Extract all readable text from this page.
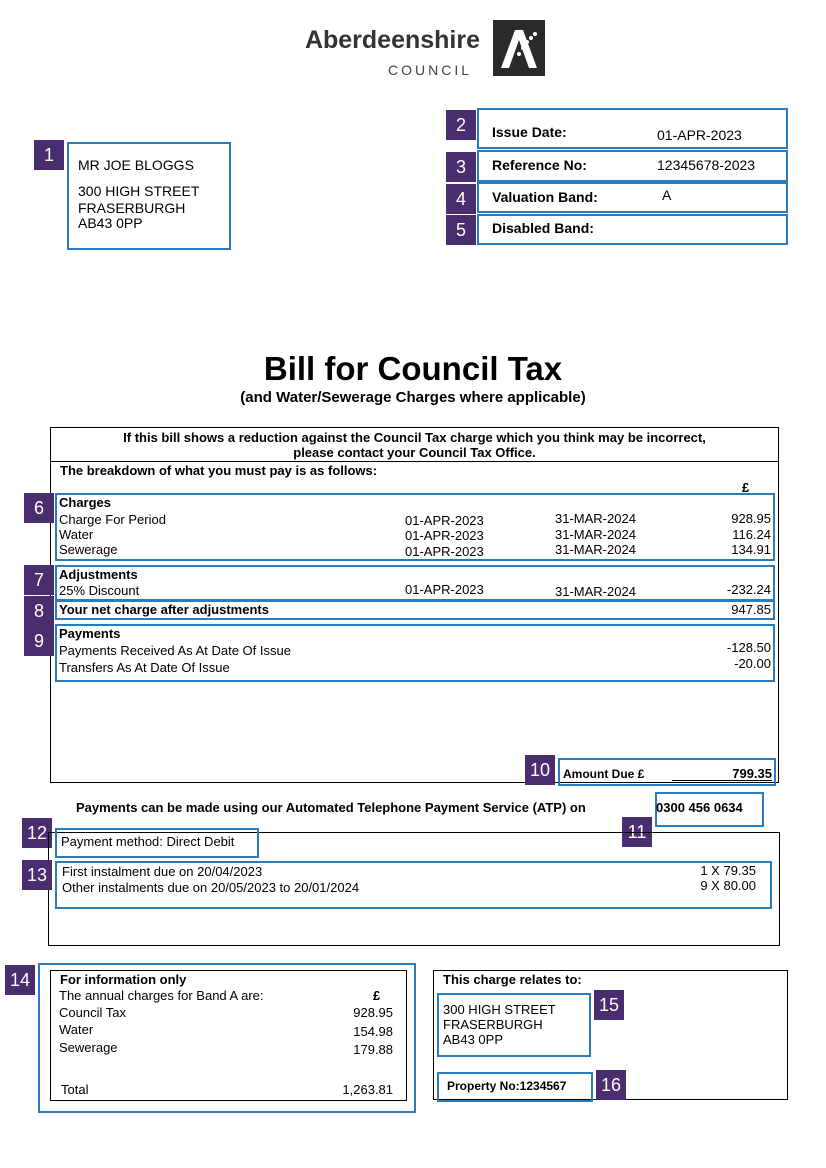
Aberdeenshire
COUNCIL
1	MR JOE BLOGGS
300 HIGH STREET
FRASERBURGH
AB43 0PP
2	Issue Date:	01-APR-2023
3	Reference No:	12345678-2023
4	Valuation Band:	A
5	Disabled Band:
Bill for Council Tax
(and Water/Sewerage Charges where applicable)
If this bill shows a reduction against the Council Tax charge which you think may be incorrect,
please contact your Council Tax Office.
The breakdown of what you must pay is as follows:
£
6	Charges
Charge For Period	01-APR-2023	31-MAR-2024	928.95
Water	01-APR-2023	31-MAR-2024	116.24
Sewerage	01-APR-2023	31-MAR-2024	134.91
7	Adjustments
25% Discount	01-APR-2023	31-MAR-2024	-232.24
8	Your net charge after adjustments	947.85
9	Payments
Payments Received As At Date Of Issue	-128.50
Transfers As At Date Of Issue	-20.00
10	Amount Due £	799.35
Payments can be made using our Automated Telephone Payment Service (ATP) on	0300 456 0634
11
12	Payment method: Direct Debit
13	First instalment due on 20/04/2023	1 X 79.35
Other instalments due on 20/05/2023 to 20/01/2024	9 X 80.00
14	For information only
The annual charges for Band A are:	£
Council Tax	928.95
Water	154.98
Sewerage	179.88
Total	1,263.81
This charge relates to:
300 HIGH STREET
FRASERBURGH
AB43 0PP
15
Property No:1234567 16
